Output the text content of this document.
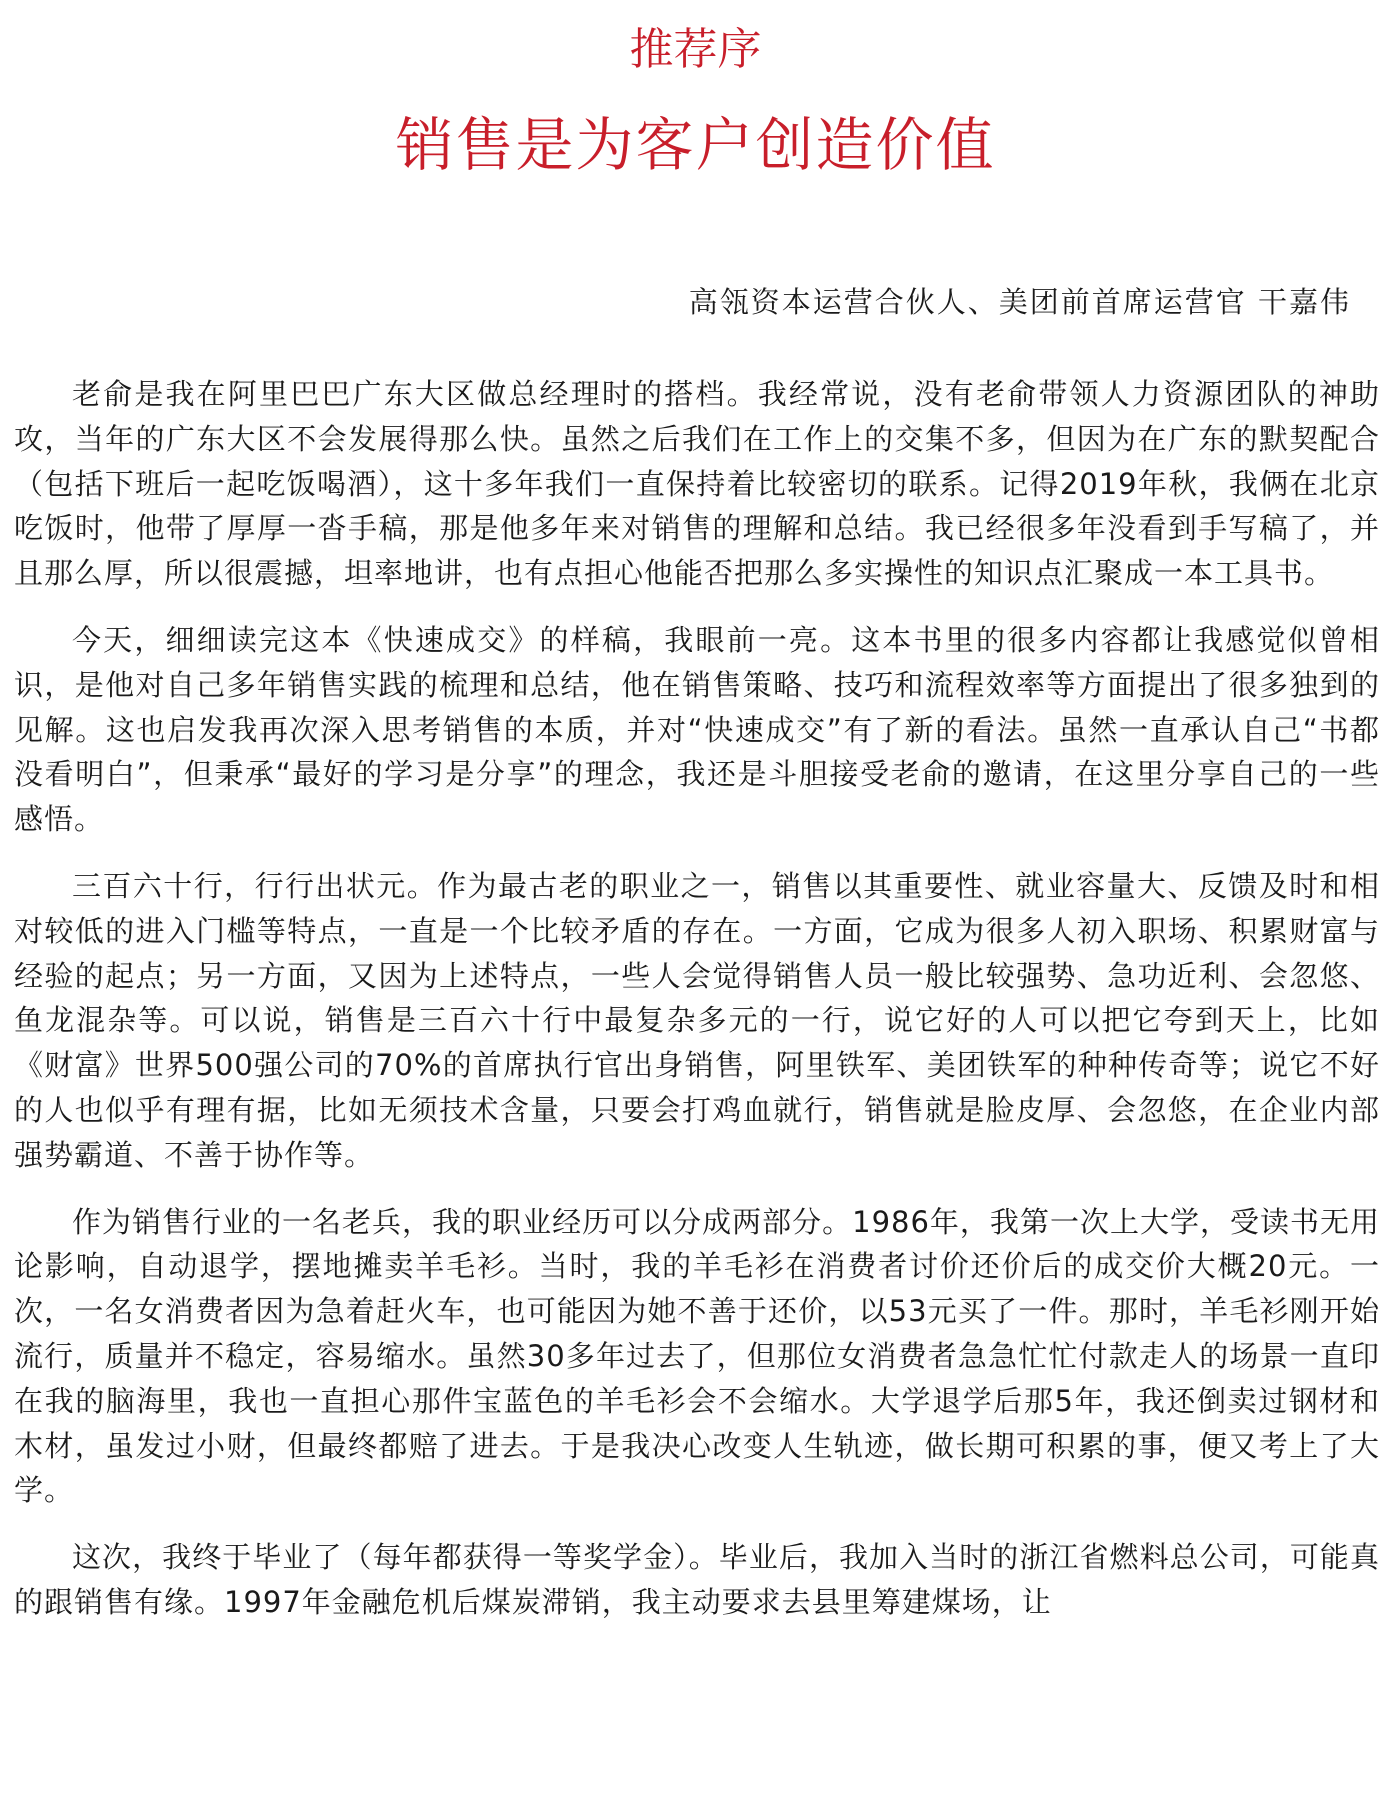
推荐序
销售是为客户创造价值

高瓴资本运营合伙人、美团前首席运营官 干嘉伟

老俞是我在阿里巴巴广东大区做总经理时的搭档。我经常说，没有老俞带领人力资源团队的神助攻，当年的广东大区不会发展得那么快。虽然之后我们在工作上的交集不多，但因为在广东的默契配合（包括下班后一起吃饭喝酒），这十多年我们一直保持着比较密切的联系。记得2019年秋，我俩在北京吃饭时，他带了厚厚一沓手稿，那是他多年来对销售的理解和总结。我已经很多年没看到手写稿了，并且那么厚，所以很震撼，坦率地讲，也有点担心他能否把那么多实操性的知识点汇聚成一本工具书。

今天，细细读完这本《快速成交》的样稿，我眼前一亮。这本书里的很多内容都让我感觉似曾相识，是他对自己多年销售实践的梳理和总结，他在销售策略、技巧和流程效率等方面提出了很多独到的见解。这也启发我再次深入思考销售的本质，并对“快速成交”有了新的看法。虽然一直承认自己“书都没看明白”，但秉承“最好的学习是分享”的理念，我还是斗胆接受老俞的邀请，在这里分享自己的一些感悟。

三百六十行，行行出状元。作为最古老的职业之一，销售以其重要性、就业容量大、反馈及时和相对较低的进入门槛等特点，一直是一个比较矛盾的存在。一方面，它成为很多人初入职场、积累财富与经验的起点；另一方面，又因为上述特点，一些人会觉得销售人员一般比较强势、急功近利、会忽悠、鱼龙混杂等。可以说，销售是三百六十行中最复杂多元的一行，说它好的人可以把它夸到天上，比如《财富》世界500强公司的70%的首席执行官出身销售，阿里铁军、美团铁军的种种传奇等；说它不好的人也似乎有理有据，比如无须技术含量，只要会打鸡血就行，销售就是脸皮厚、会忽悠，在企业内部强势霸道、不善于协作等。

作为销售行业的一名老兵，我的职业经历可以分成两部分。1986年，我第一次上大学，受读书无用论影响，自动退学，摆地摊卖羊毛衫。当时，我的羊毛衫在消费者讨价还价后的成交价大概20元。一次，一名女消费者因为急着赶火车，也可能因为她不善于还价，以53元买了一件。那时，羊毛衫刚开始流行，质量并不稳定，容易缩水。虽然30多年过去了，但那位女消费者急急忙忙付款走人的场景一直印在我的脑海里，我也一直担心那件宝蓝色的羊毛衫会不会缩水。大学退学后那5年，我还倒卖过钢材和木材，虽发过小财，但最终都赔了进去。于是我决心改变人生轨迹，做长期可积累的事，便又考上了大学。

这次，我终于毕业了（每年都获得一等奖学金）。毕业后，我加入当时的浙江省燃料总公司，可能真的跟销售有缘。1997年金融危机后煤炭滞销，我主动要求去县里筹建煤场，让
